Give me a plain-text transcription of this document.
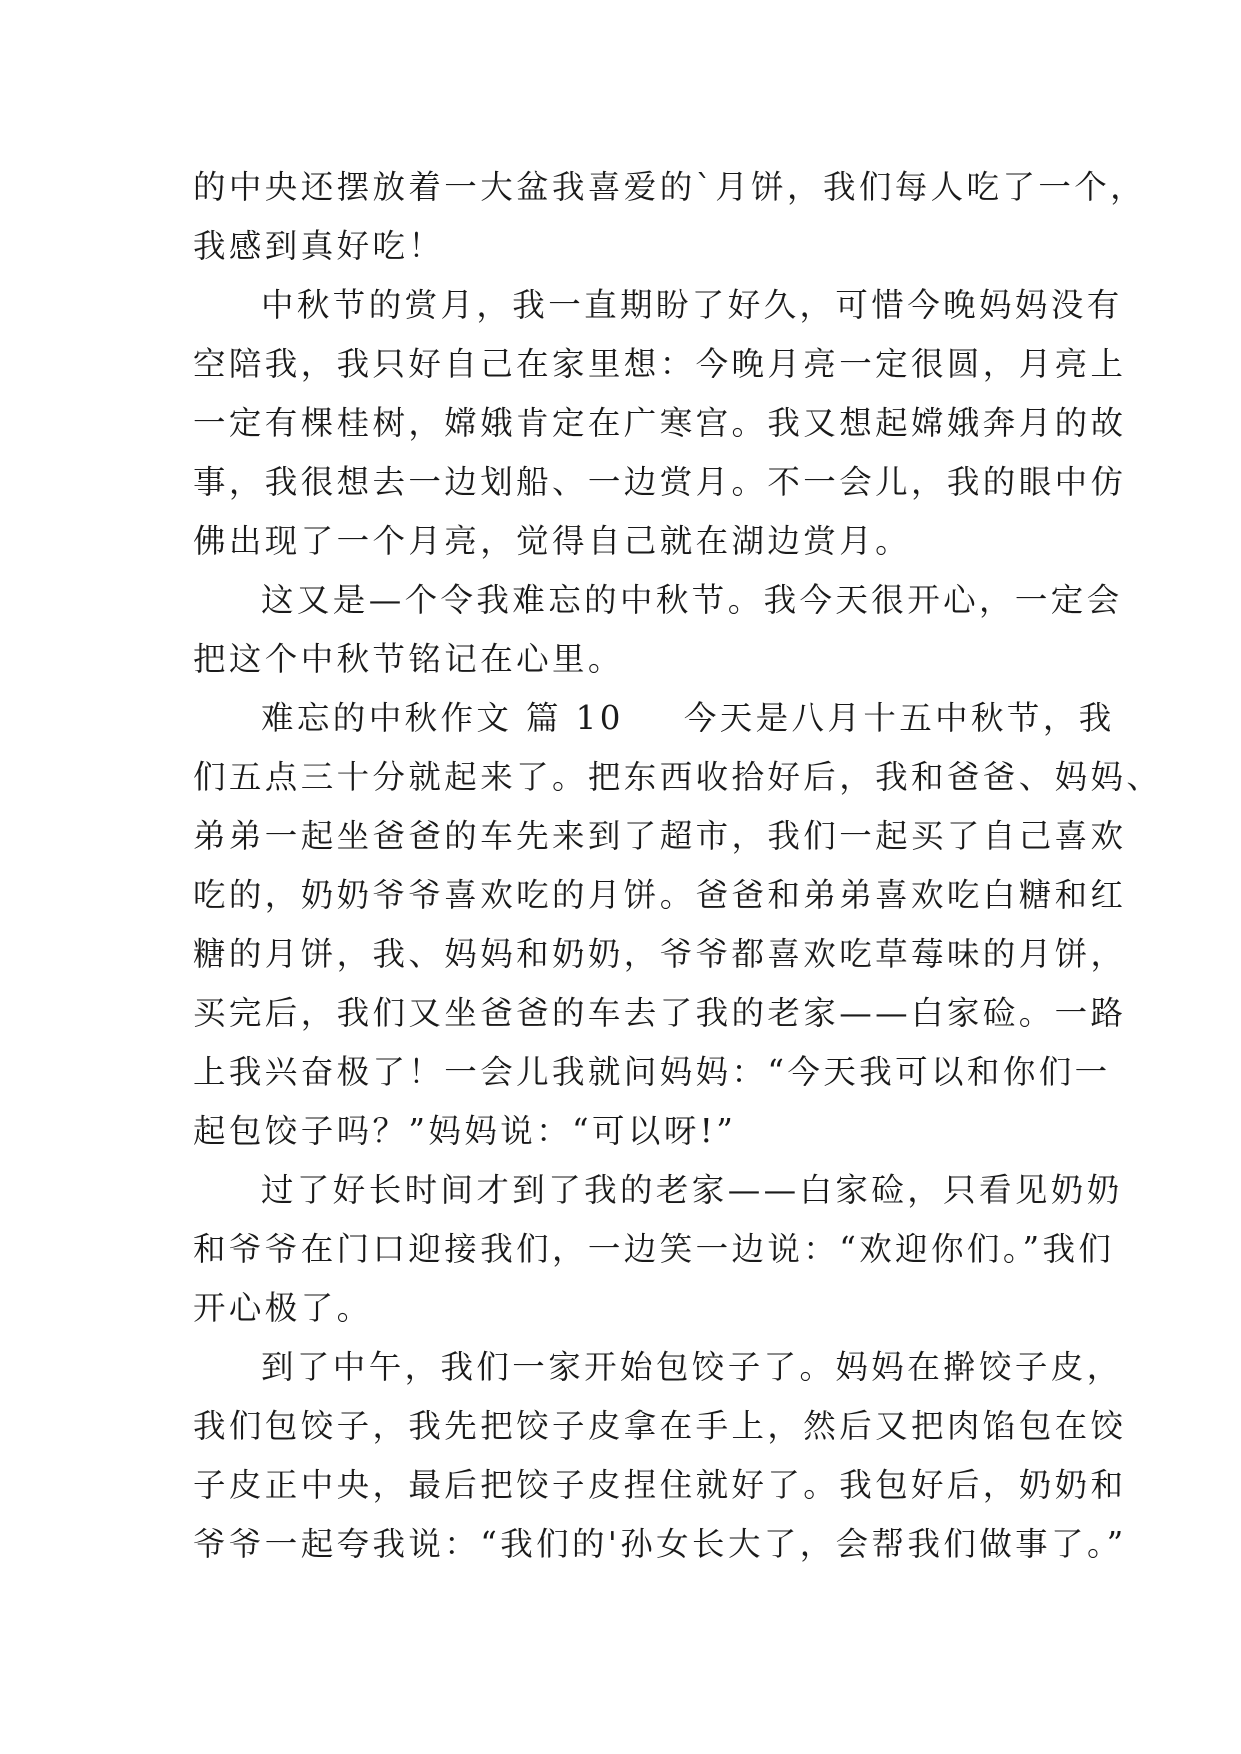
的中央还摆放着一大盆我喜爱的`月饼，我们每人吃了一个，
我感到真好吃！
中秋节的赏月，我一直期盼了好久，可惜今晚妈妈没有
空陪我，我只好自己在家里想：今晚月亮一定很圆，月亮上
一定有棵桂树，嫦娥肯定在广寒宫。我又想起嫦娥奔月的故
事，我很想去一边划船、一边赏月。不一会儿，我的眼中仿
佛出现了一个月亮，觉得自己就在湖边赏月。
这又是—个令我难忘的中秋节。我今天很开心，一定会
把这个中秋节铭记在心里。
难忘的中秋作文 篇 10 今天是八月十五中秋节，我
们五点三十分就起来了。把东西收拾好后，我和爸爸、妈妈、
弟弟一起坐爸爸的车先来到了超市，我们一起买了自己喜欢
吃的，奶奶爷爷喜欢吃的月饼。爸爸和弟弟喜欢吃白糖和红
糖的月饼，我、妈妈和奶奶，爷爷都喜欢吃草莓味的月饼，
买完后，我们又坐爸爸的车去了我的老家——白家硷。一路
上我兴奋极了！一会儿我就问妈妈：“今天我可以和你们一
起包饺子吗？”妈妈说：“可以呀!”
过了好长时间才到了我的老家——白家硷，只看见奶奶
和爷爷在门口迎接我们，一边笑一边说：“欢迎你们。”我们
开心极了。
到了中午，我们一家开始包饺子了。妈妈在擀饺子皮，
我们包饺子，我先把饺子皮拿在手上，然后又把肉馅包在饺
子皮正中央，最后把饺子皮捏住就好了。我包好后，奶奶和
爷爷一起夸我说：“我们的'孙女长大了，会帮我们做事了。”
